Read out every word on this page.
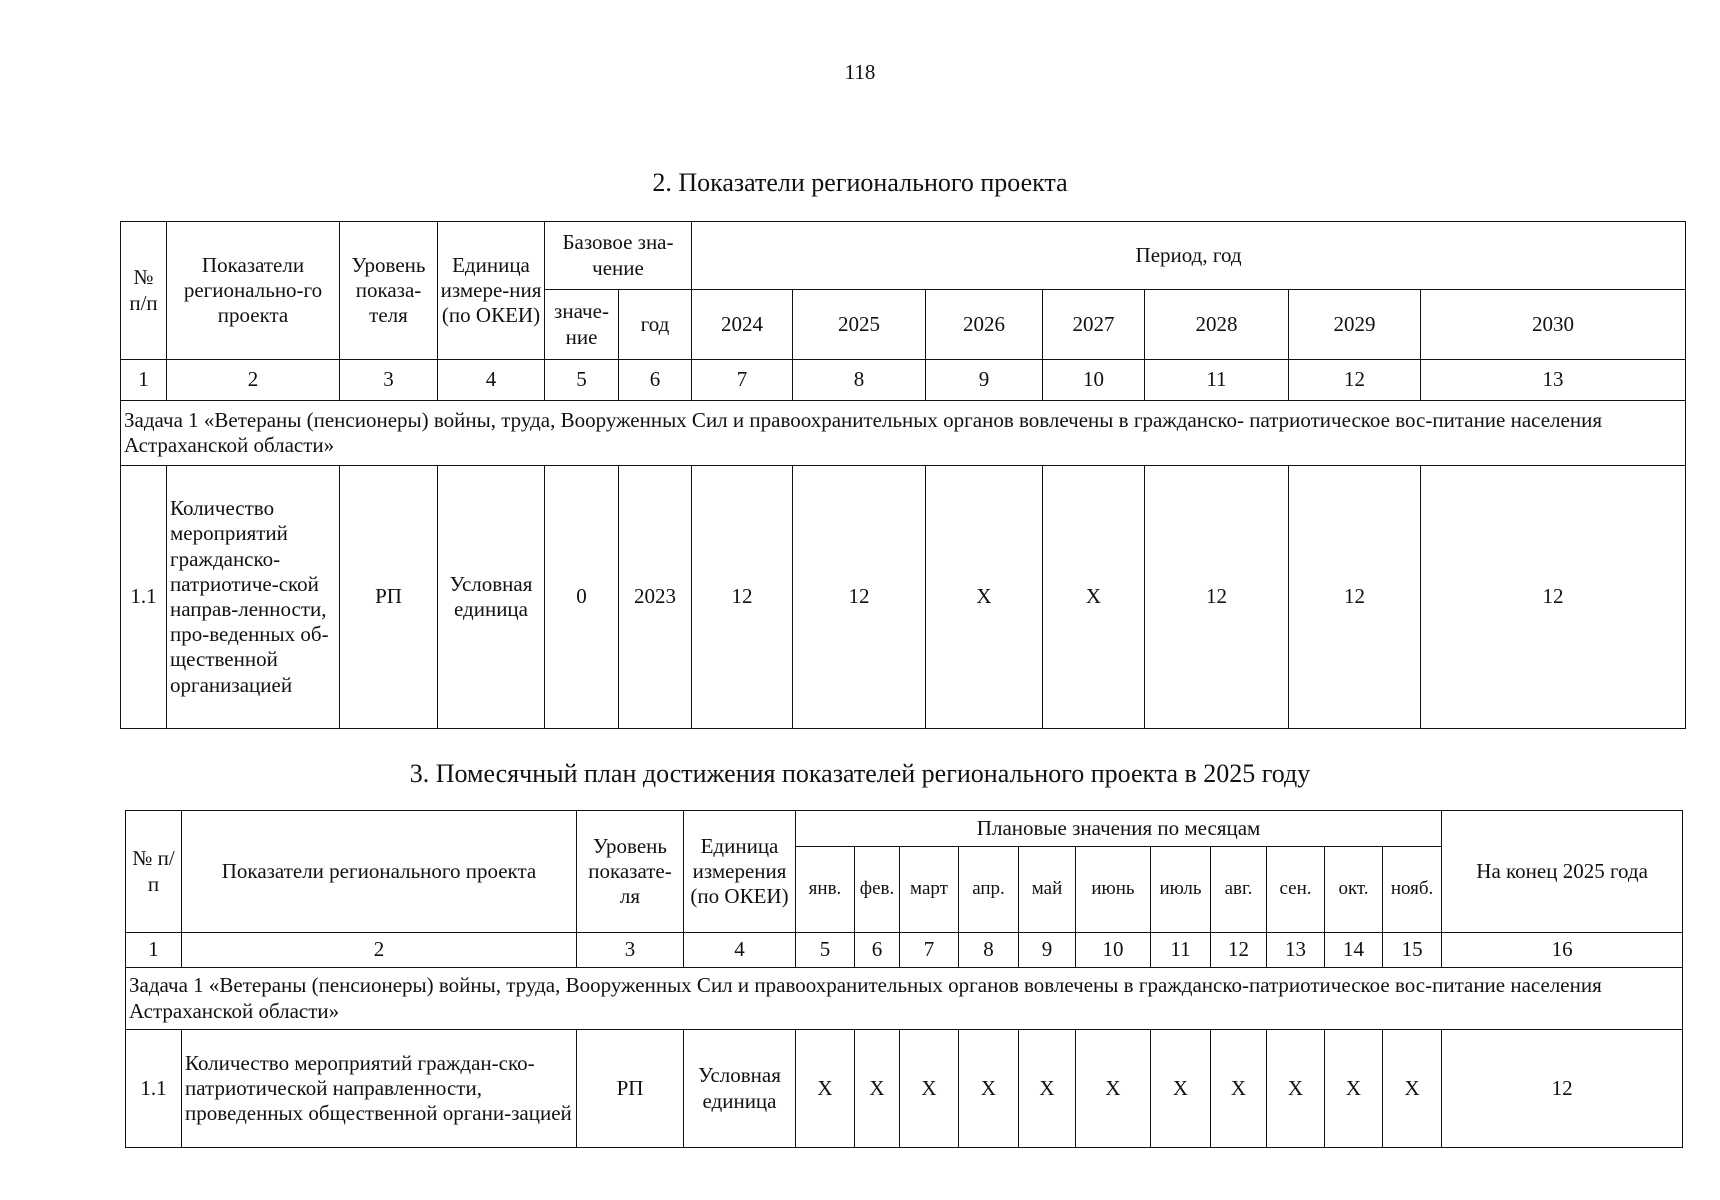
118
2. Показатели регионального проекта
№ п/п	Показатели регионально-го проекта	Уровень показа-теля	Единица измере-ния (по ОКЕИ)	Базовое зна-чение		Период, год						
				значе-ние	год	2024	2025	2026	2027	2028	2029	2030
1	2	3	4	5	6	7	8	9	10	11	12	13
Задача 1 «Ветераны (пенсионеры) войны, труда, Вооруженных Сил и правоохранительных органов вовлечены в гражданско- патриотическое вос-питание населения Астраханской области»												
1.1	Количество мероприятий гражданско-патриотиче-ской направ-ленности, про-веденных об-щественной организацией	РП	Условная единица	0	2023	12	12	X	X	12	12	12
3. Помесячный план достижения показателей регионального проекта в 2025 году
№ п/п	Показатели регионального проекта	Уровень показате-ля	Единица измерения (по ОКЕИ)	Плановые значения по месяцам											На конец 2025 года
				янв.	фев.	март	апр.	май	июнь	июль	авг.	сен.	окт.	нояб.	
1	2	3	4	5	6	7	8	9	10	11	12	13	14	15	16
Задача 1 «Ветераны (пенсионеры) войны, труда, Вооруженных Сил и правоохранительных органов вовлечены в гражданско-патриотическое вос-питание населения Астраханской области»															
1.1	Количество мероприятий граждан-ско-патриотической направленности, проведенных общественной органи-зацией	РП	Условная единица	X	X	X	X	X	X	X	X	X	X	X	12
